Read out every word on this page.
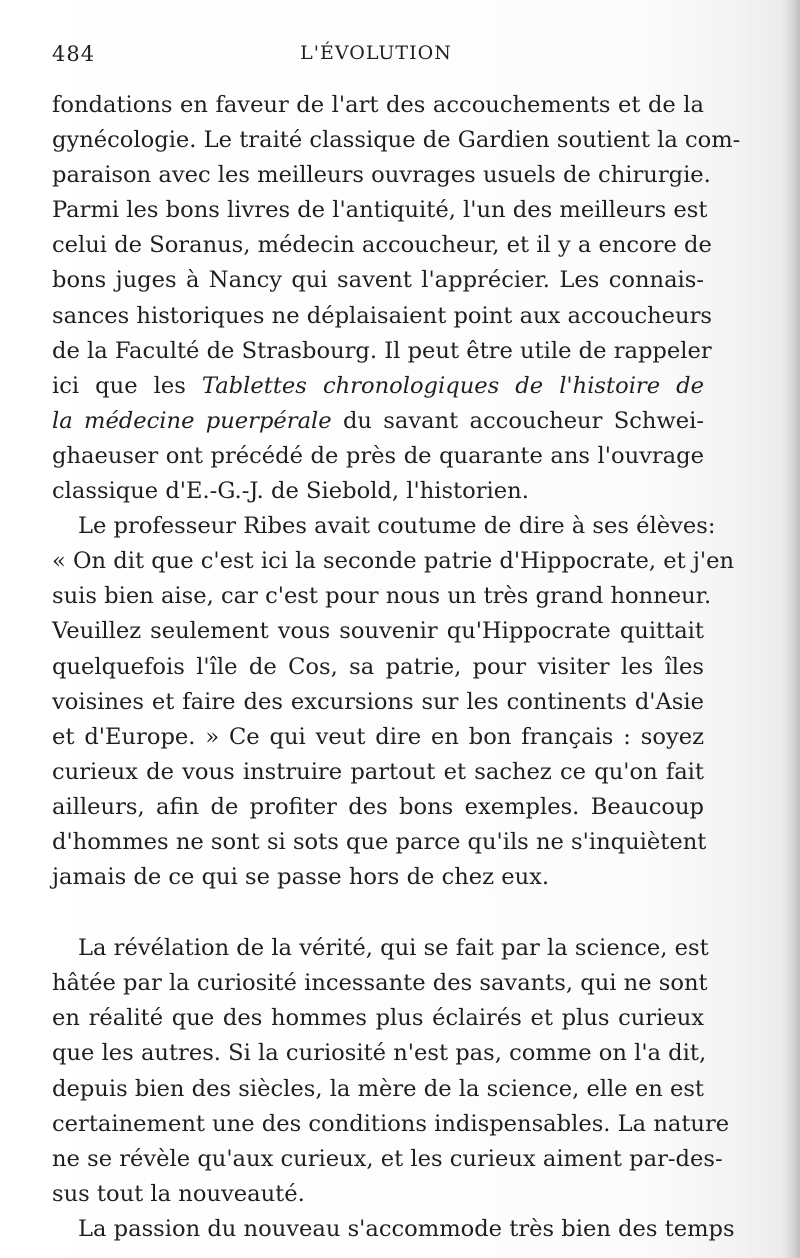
484	L'ÉVOLUTION
fondations en faveur de l'art des accouchements et de la
gynécologie. Le traité classique de Gardien soutient la com-
paraison avec les meilleurs ouvrages usuels de chirurgie.
Parmi les bons livres de l'antiquité, l'un des meilleurs est
celui de Soranus, médecin accoucheur, et il y a encore de
bons juges à Nancy qui savent l'apprécier. Les connais-
sances historiques ne déplaisaient point aux accoucheurs
de la Faculté de Strasbourg. Il peut être utile de rappeler
ici que les Tablettes chronologiques de l'histoire de
la médecine puerpérale du savant accoucheur Schwei-
ghaeuser ont précédé de près de quarante ans l'ouvrage
classique d'E.-G.-J. de Siebold, l'historien.
Le professeur Ribes avait coutume de dire à ses élèves:
« On dit que c'est ici la seconde patrie d'Hippocrate, et j'en
suis bien aise, car c'est pour nous un très grand honneur.
Veuillez seulement vous souvenir qu'Hippocrate quittait
quelquefois l'île de Cos, sa patrie, pour visiter les îles
voisines et faire des excursions sur les continents d'Asie
et d'Europe. » Ce qui veut dire en bon français : soyez
curieux de vous instruire partout et sachez ce qu'on fait
ailleurs, afin de profiter des bons exemples. Beaucoup
d'hommes ne sont si sots que parce qu'ils ne s'inquiètent
jamais de ce qui se passe hors de chez eux.
La révélation de la vérité, qui se fait par la science, est
hâtée par la curiosité incessante des savants, qui ne sont
en réalité que des hommes plus éclairés et plus curieux
que les autres. Si la curiosité n'est pas, comme on l'a dit,
depuis bien des siècles, la mère de la science, elle en est
certainement une des conditions indispensables. La nature
ne se révèle qu'aux curieux, et les curieux aiment par-des-
sus tout la nouveauté.
La passion du nouveau s'accommode très bien des temps
